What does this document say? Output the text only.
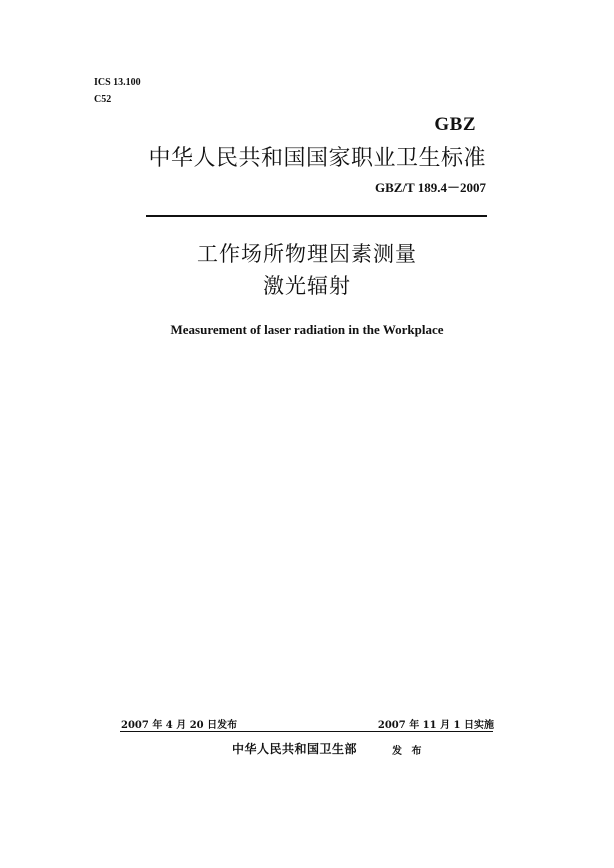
ICS 13.100
C52
GBZ
中华人民共和国国家职业卫生标准
GBZ/T 189.4－2007
工作场所物理因素测量
激光辐射
Measurement of laser radiation in the Workplace
2007 年 4 月 20 日发布	2007 年 11 月 1 日实施
中华人民共和国卫生部	发 布
